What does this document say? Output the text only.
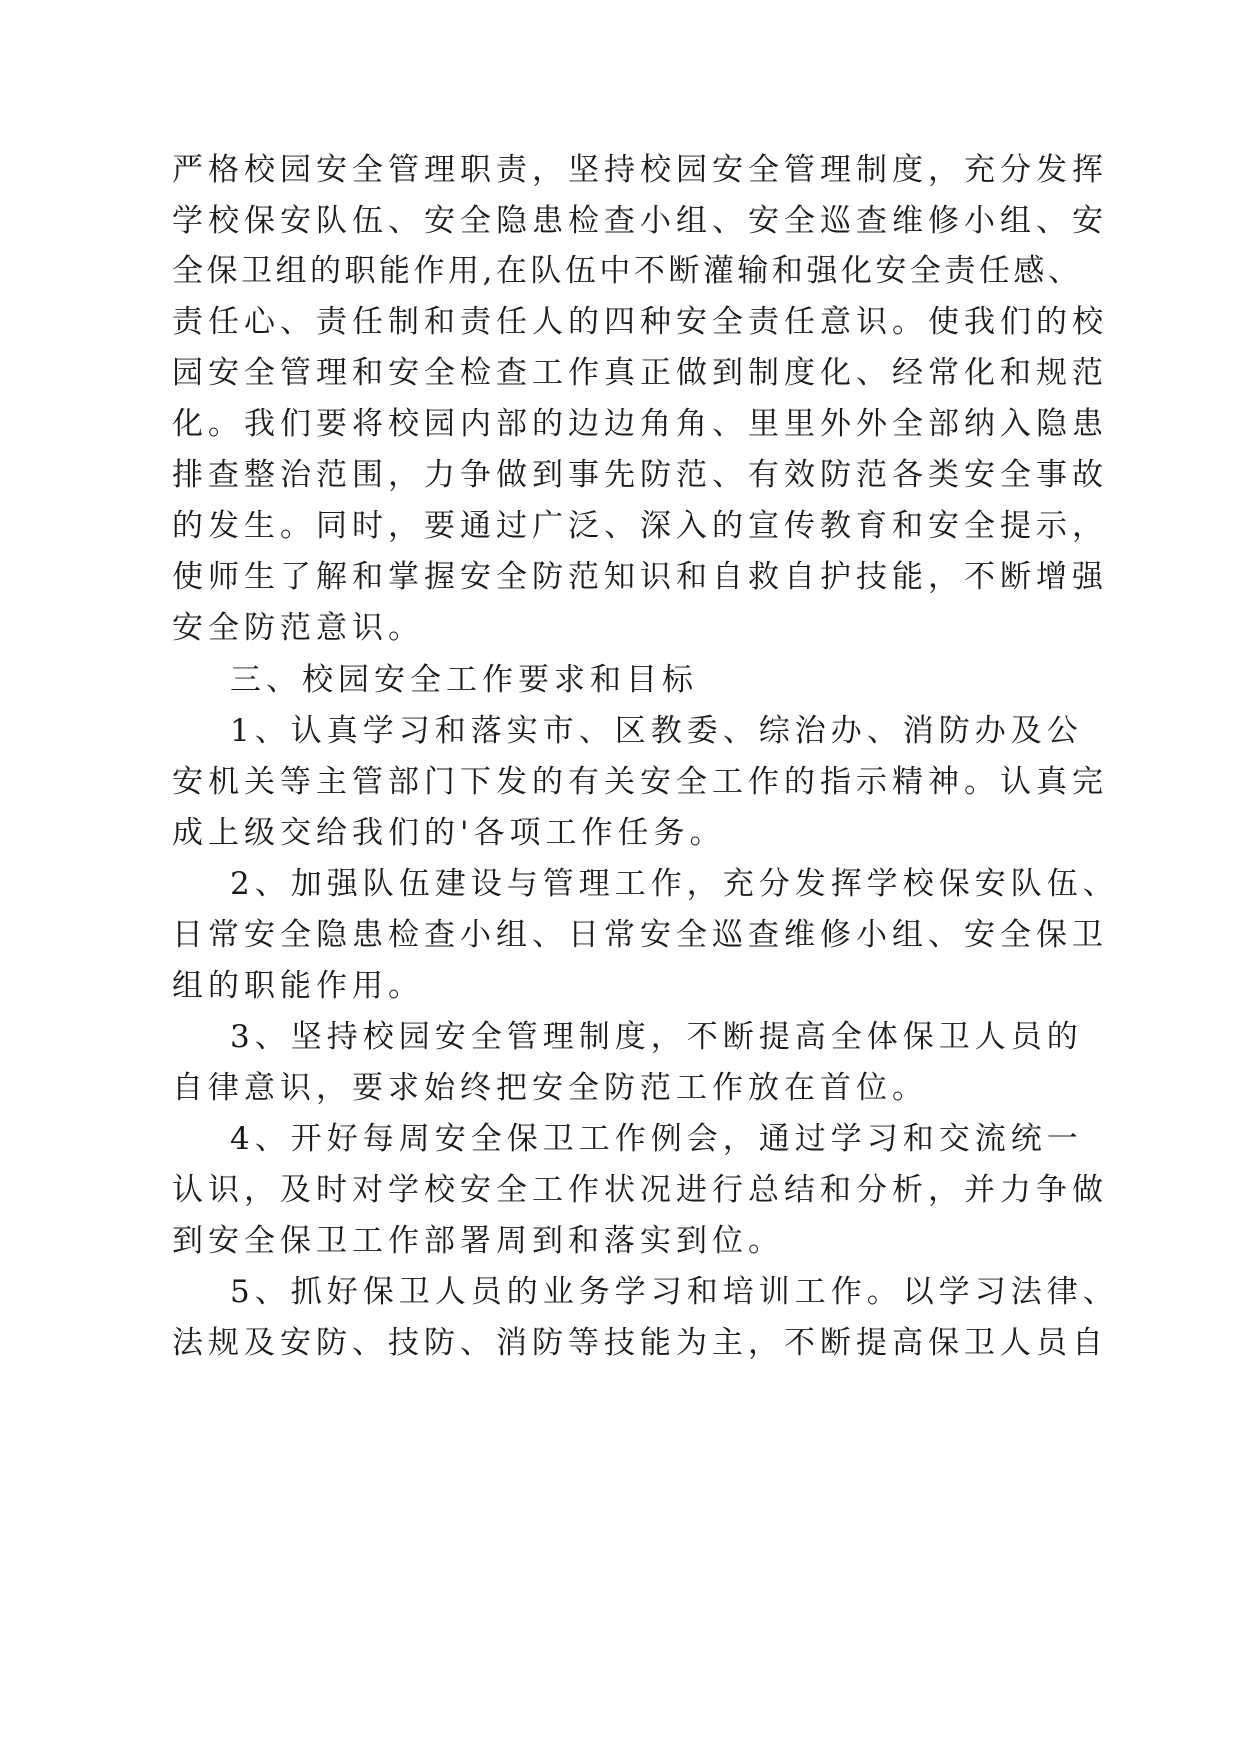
严格校园安全管理职责，坚持校园安全管理制度，充分发挥
学校保安队伍、安全隐患检查小组、安全巡查维修小组、安
全保卫组的职能作用,在队伍中不断灌输和强化安全责任感、
责任心、责任制和责任人的四种安全责任意识。使我们的校
园安全管理和安全检查工作真正做到制度化、经常化和规范
化。我们要将校园内部的边边角角、里里外外全部纳入隐患
排查整治范围，力争做到事先防范、有效防范各类安全事故
的发生。同时，要通过广泛、深入的宣传教育和安全提示，
使师生了解和掌握安全防范知识和自救自护技能，不断增强
安全防范意识。
三、校园安全工作要求和目标
1、认真学习和落实市、区教委、综治办、消防办及公
安机关等主管部门下发的有关安全工作的指示精神。认真完
成上级交给我们的'各项工作任务。
2、加强队伍建设与管理工作，充分发挥学校保安队伍、
日常安全隐患检查小组、日常安全巡查维修小组、安全保卫
组的职能作用。
3、坚持校园安全管理制度，不断提高全体保卫人员的
自律意识，要求始终把安全防范工作放在首位。
4、开好每周安全保卫工作例会，通过学习和交流统一
认识，及时对学校安全工作状况进行总结和分析，并力争做
到安全保卫工作部署周到和落实到位。
5、抓好保卫人员的业务学习和培训工作。以学习法律、
法规及安防、技防、消防等技能为主，不断提高保卫人员自
